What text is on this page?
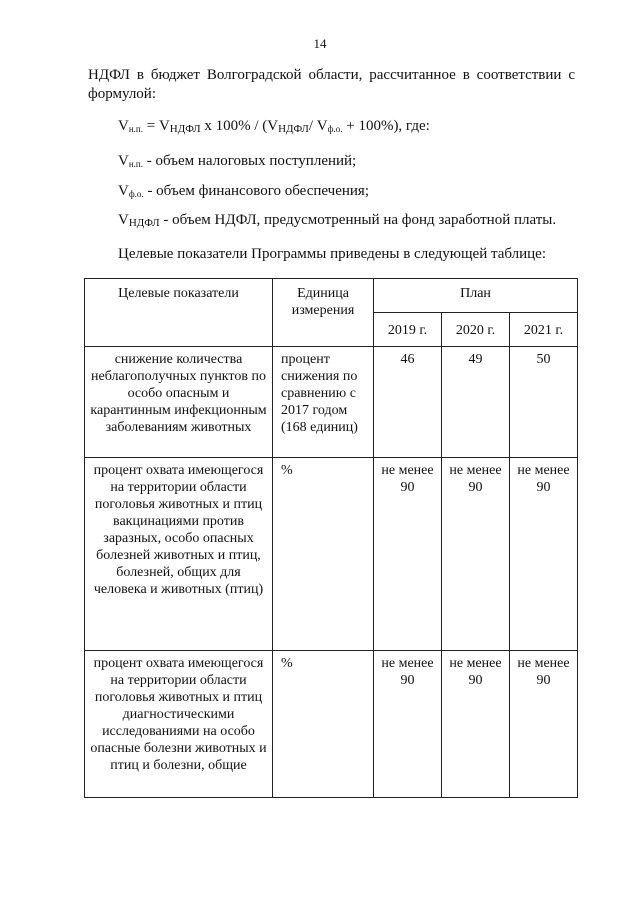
14
НДФЛ в бюджет Волгоградской области, рассчитанное в соответствии с формулой:
$V_{н.п.} = V_{НДФЛ}$ x $100\% / (V_{НДФЛ}/$ $V_{ф.о.} + 100\%$), где:
$V_{н.п.}$ - объем налоговых поступлений;
$V_{ф.о.}$ - объем финансового обеспечения;
$V_{НДФЛ}$ - объем НДФЛ, предусмотренный на фонд заработной платы.
Целевые показатели Программы приведены в следующей таблице:
Целевые показатели	Единица измерения	План		
		2019 г.	2020 г.	2021 г.
снижение количества неблагополучных пунктов по особо опасным и карантинным инфекционным заболеваниям животных	процент снижения по сравнению с 2017 годом (168 единиц)	46	49	50
процент охвата имеющегося на территории области поголовья животных и птиц вакцинациями против заразных, особо опасных болезней животных и птиц, болезней, общих для человека и животных (птиц)	%	не менее 90	не менее 90	не менее 90
процент охвата имеющегося на территории области поголовья животных и птиц диагностическими исследованиями на особо опасные болезни животных и птиц и болезни, общие	%	не менее 90	не менее 90	не менее 90
